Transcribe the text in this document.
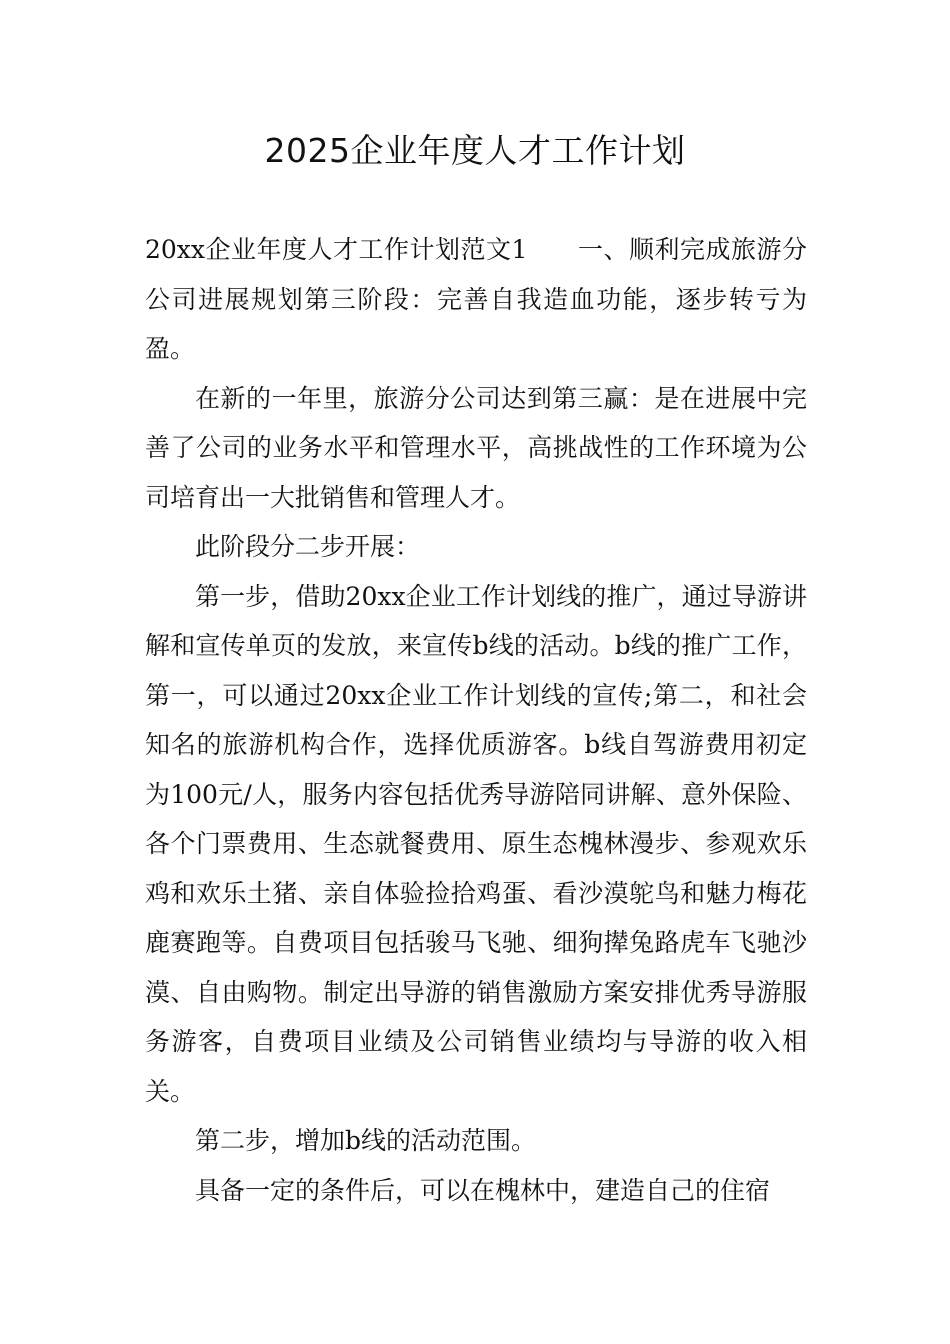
2025企业年度人才工作计划

20xx企业年度人才工作计划范文1 一、顺利完成旅游分公司进展规划第三阶段：完善自我造血功能，逐步转亏为盈。

在新的一年里，旅游分公司达到第三赢：是在进展中完善了公司的业务水平和管理水平，高挑战性的工作环境为公司培育出一大批销售和管理人才。

此阶段分二步开展：

第一步，借助20xx企业工作计划线的推广，通过导游讲解和宣传单页的发放，来宣传b线的活动。b线的推广工作，第一，可以通过20xx企业工作计划线的宣传;第二，和社会知名的旅游机构合作，选择优质游客。b线自驾游费用初定为100元/人，服务内容包括优秀导游陪同讲解、意外保险、各个门票费用、生态就餐费用、原生态槐林漫步、参观欢乐鸡和欢乐土猪、亲自体验捡拾鸡蛋、看沙漠鸵鸟和魅力梅花鹿赛跑等。自费项目包括骏马飞驰、细狗撵兔路虎车飞驰沙漠、自由购物。制定出导游的销售激励方案安排优秀导游服务游客，自费项目业绩及公司销售业绩均与导游的收入相关。

第二步，增加b线的活动范围。

具备一定的条件后，可以在槐林中，建造自己的住宿
